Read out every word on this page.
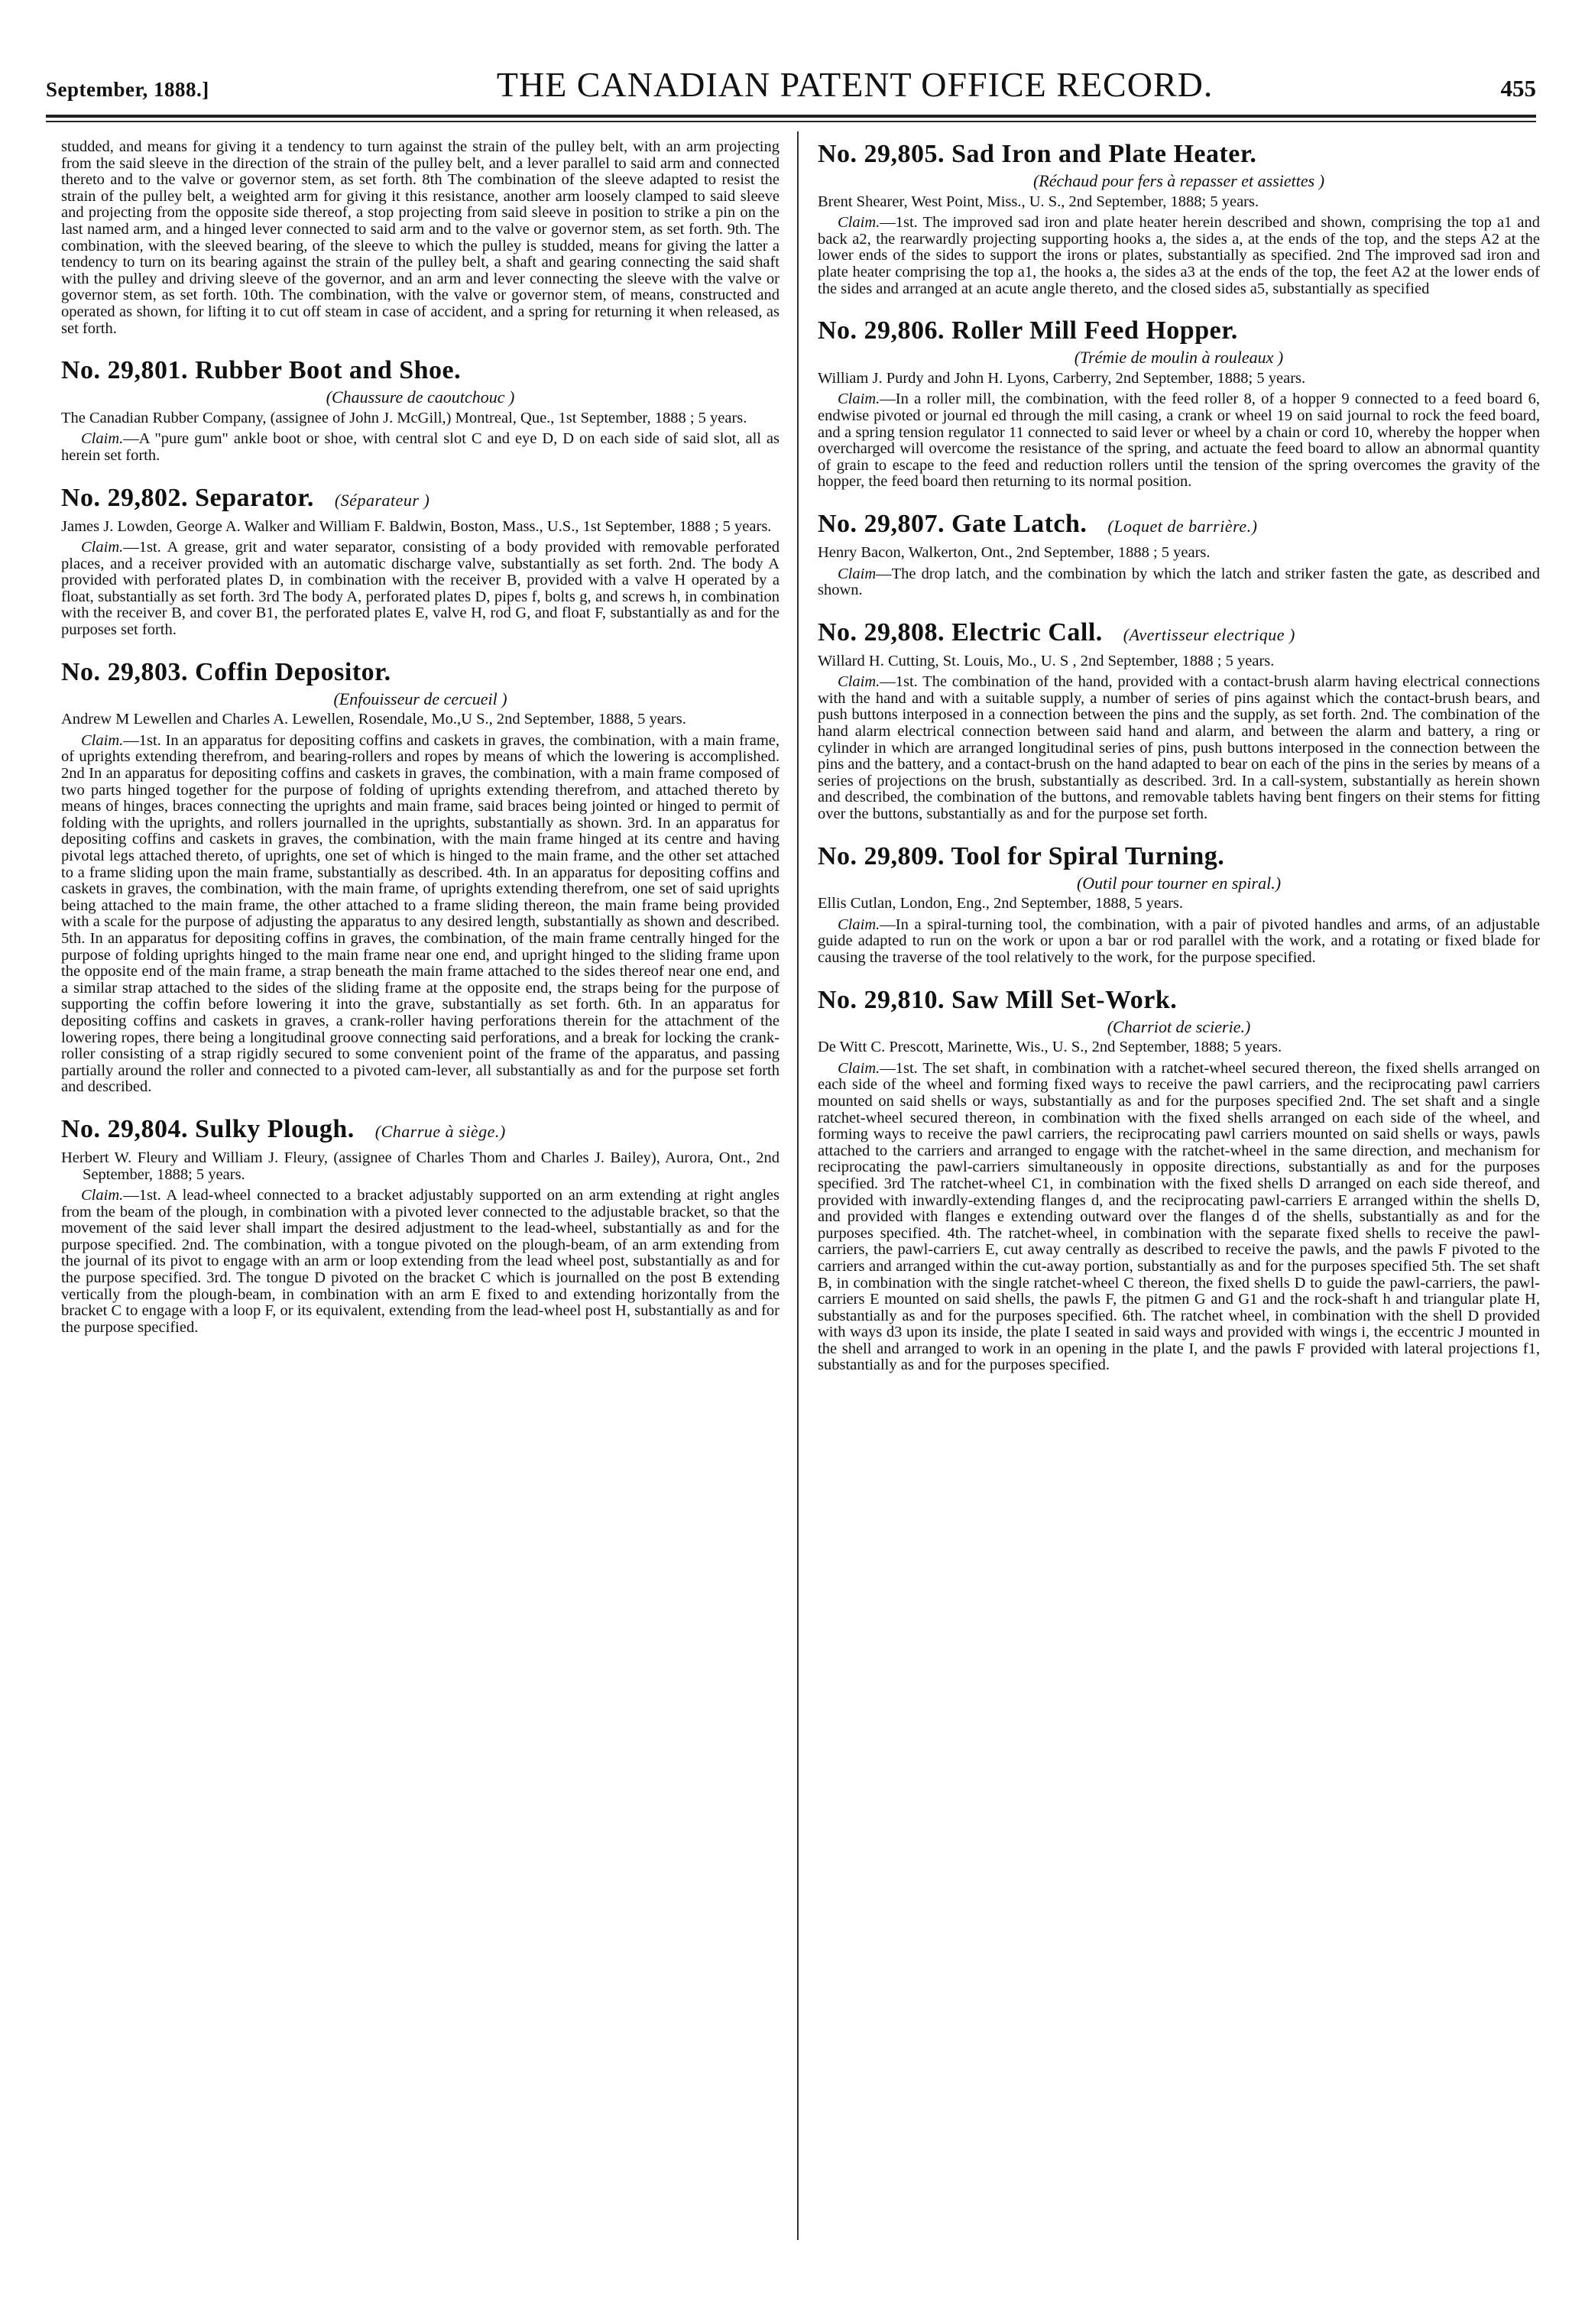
September, 1888.]	THE CANADIAN PATENT OFFICE RECORD.	455

studded, and means for giving it a tendency to turn against the strain of the pulley belt, with an arm projecting from the said sleeve in the direction of the strain of the pulley belt, and a lever parallel to said arm and connected thereto and to the valve or governor stem, as set forth. 8th The combination of the sleeve adapted to resist the strain of the pulley belt, a weighted arm for giving it this resistance, another arm loosely clamped to said sleeve and projecting from the opposite side thereof, a stop projecting from said sleeve in position to strike a pin on the last named arm, and a hinged lever connected to said arm and to the valve or governor stem, as set forth. 9th. The combination, with the sleeved bearing, of the sleeve to which the pulley is studded, means for giving the latter a tendency to turn on its bearing against the strain of the pulley belt, a shaft and gearing connecting the said shaft with the pulley and driving sleeve of the governor, and an arm and lever connecting the sleeve with the valve or governor stem, as set forth. 10th. The combination, with the valve or governor stem, of means, constructed and operated as shown, for lifting it to cut off steam in case of accident, and a spring for returning it when released, as set forth.

No. 29,801. Rubber Boot and Shoe.
(Chaussure de caoutchouc )

The Canadian Rubber Company, (assignee of John J. McGill,) Montreal, Que., 1st September, 1888 ; 5 years.

Claim.—A "pure gum" ankle boot or shoe, with central slot C and eye D, D on each side of said slot, all as herein set forth.

No. 29,802. Separator. (Séparateur )

James J. Lowden, George A. Walker and William F. Baldwin, Boston, Mass., U.S., 1st September, 1888 ; 5 years.

Claim.—1st. A grease, grit and water separator, consisting of a body provided with removable perforated places, and a receiver provided with an automatic discharge valve, substantially as set forth. 2nd. The body A provided with perforated plates D, in combination with the receiver B, provided with a valve H operated by a float, substantially as set forth. 3rd The body A, perforated plates D, pipes f, bolts g, and screws h, in combination with the receiver B, and cover B1, the perforated plates E, valve H, rod G, and float F, substantially as and for the purposes set forth.

No. 29,803. Coffin Depositor.
(Enfouisseur de cercueil )

Andrew M Lewellen and Charles A. Lewellen, Rosendale, Mo.,U S., 2nd September, 1888, 5 years.

Claim.—1st. In an apparatus for depositing coffins and caskets in graves, the combination, with a main frame, of uprights extending therefrom, and bearing-rollers and ropes by means of which the lowering is accomplished. 2nd In an apparatus for depositing coffins and caskets in graves, the combination, with a main frame composed of two parts hinged together for the purpose of folding of uprights extending therefrom, and attached thereto by means of hinges, braces connecting the uprights and main frame, said braces being jointed or hinged to permit of folding with the uprights, and rollers journalled in the uprights, substantially as shown. 3rd. In an apparatus for depositing coffins and caskets in graves, the combination, with the main frame hinged at its centre and having pivotal legs attached thereto, of uprights, one set of which is hinged to the main frame, and the other set attached to a frame sliding upon the main frame, substantially as described. 4th. In an apparatus for depositing coffins and caskets in graves, the combination, with the main frame, of uprights extending therefrom, one set of said uprights being attached to the main frame, the other attached to a frame sliding thereon, the main frame being provided with a scale for the purpose of adjusting the apparatus to any desired length, substantially as shown and described. 5th. In an apparatus for depositing coffins in graves, the combination, of the main frame centrally hinged for the purpose of folding uprights hinged to the main frame near one end, and upright hinged to the sliding frame upon the opposite end of the main frame, a strap beneath the main frame attached to the sides thereof near one end, and a similar strap attached to the sides of the sliding frame at the opposite end, the straps being for the purpose of supporting the coffin before lowering it into the grave, substantially as set forth. 6th. In an apparatus for depositing coffins and caskets in graves, a crank-roller having perforations therein for the attachment of the lowering ropes, there being a longitudinal groove connecting said perforations, and a break for locking the crank-roller consisting of a strap rigidly secured to some convenient point of the frame of the apparatus, and passing partially around the roller and connected to a pivoted cam-lever, all substantially as and for the purpose set forth and described.

No. 29,804. Sulky Plough. (Charrue à siège.)

Herbert W. Fleury and William J. Fleury, (assignee of Charles Thom and Charles J. Bailey), Aurora, Ont., 2nd September, 1888; 5 years.

Claim.—1st. A lead-wheel connected to a bracket adjustably supported on an arm extending at right angles from the beam of the plough, in combination with a pivoted lever connected to the adjustable bracket, so that the movement of the said lever shall impart the desired adjustment to the lead-wheel, substantially as and for the purpose specified. 2nd. The combination, with a tongue pivoted on the plough-beam, of an arm extending from the journal of its pivot to engage with an arm or loop extending from the lead wheel post, substantially as and for the purpose specified. 3rd. The tongue D pivoted on the bracket C which is journalled on the post B extending vertically from the plough-beam, in combination with an arm E fixed to and extending horizontally from the bracket C to engage with a loop F, or its equivalent, extending from the lead-wheel post H, substantially as and for the purpose specified.

No. 29,805. Sad Iron and Plate Heater.
(Réchaud pour fers à repasser et assiettes )

Brent Shearer, West Point, Miss., U. S., 2nd September, 1888; 5 years.

Claim.—1st. The improved sad iron and plate heater herein described and shown, comprising the top a1 and back a2, the rearwardly projecting supporting hooks a, the sides a, at the ends of the top, and the steps A2 at the lower ends of the sides to support the irons or plates, substantially as specified. 2nd The improved sad iron and plate heater comprising the top a1, the hooks a, the sides a3 at the ends of the top, the feet A2 at the lower ends of the sides and arranged at an acute angle thereto, and the closed sides a5, substantially as specified

No. 29,806. Roller Mill Feed Hopper.
(Trémie de moulin à rouleaux )

William J. Purdy and John H. Lyons, Carberry, 2nd September, 1888; 5 years.

Claim.—In a roller mill, the combination, with the feed roller 8, of a hopper 9 connected to a feed board 6, endwise pivoted or journal ed through the mill casing, a crank or wheel 19 on said journal to rock the feed board, and a spring tension regulator 11 connected to said lever or wheel by a chain or cord 10, whereby the hopper when overcharged will overcome the resistance of the spring, and actuate the feed board to allow an abnormal quantity of grain to escape to the feed and reduction rollers until the tension of the spring overcomes the gravity of the hopper, the feed board then returning to its normal position.

No. 29,807. Gate Latch. (Loquet de barrière.)

Henry Bacon, Walkerton, Ont., 2nd September, 1888 ; 5 years.

Claim—The drop latch, and the combination by which the latch and striker fasten the gate, as described and shown.

No. 29,808. Electric Call. (Avertisseur electrique )

Willard H. Cutting, St. Louis, Mo., U. S , 2nd September, 1888 ; 5 years.

Claim.—1st. The combination of the hand, provided with a contact-brush alarm having electrical connections with the hand and with a suitable supply, a number of series of pins against which the contact-brush bears, and push buttons interposed in a connection between the pins and the supply, as set forth. 2nd. The combination of the hand alarm electrical connection between said hand and alarm, and between the alarm and battery, a ring or cylinder in which are arranged longitudinal series of pins, push buttons interposed in the connection between the pins and the battery, and a contact-brush on the hand adapted to bear on each of the pins in the series by means of a series of projections on the brush, substantially as described. 3rd. In a call-system, substantially as herein shown and described, the combination of the buttons, and removable tablets having bent fingers on their stems for fitting over the buttons, substantially as and for the purpose set forth.

No. 29,809. Tool for Spiral Turning.
(Outil pour tourner en spiral.)

Ellis Cutlan, London, Eng., 2nd September, 1888, 5 years.

Claim.—In a spiral-turning tool, the combination, with a pair of pivoted handles and arms, of an adjustable guide adapted to run on the work or upon a bar or rod parallel with the work, and a rotating or fixed blade for causing the traverse of the tool relatively to the work, for the purpose specified.

No. 29,810. Saw Mill Set-Work.
(Charriot de scierie.)

De Witt C. Prescott, Marinette, Wis., U. S., 2nd September, 1888; 5 years.

Claim.—1st. The set shaft, in combination with a ratchet-wheel secured thereon, the fixed shells arranged on each side of the wheel and forming fixed ways to receive the pawl carriers, and the reciprocating pawl carriers mounted on said shells or ways, substantially as and for the purposes specified 2nd. The set shaft and a single ratchet-wheel secured thereon, in combination with the fixed shells arranged on each side of the wheel, and forming ways to receive the pawl carriers, the reciprocating pawl carriers mounted on said shells or ways, pawls attached to the carriers and arranged to engage with the ratchet-wheel in the same direction, and mechanism for reciprocating the pawl-carriers simultaneously in opposite directions, substantially as and for the purposes specified. 3rd The ratchet-wheel C1, in combination with the fixed shells D arranged on each side thereof, and provided with inwardly-extending flanges d, and the reciprocating pawl-carriers E arranged within the shells D, and provided with flanges e extending outward over the flanges d of the shells, substantially as and for the purposes specified. 4th. The ratchet-wheel, in combination with the separate fixed shells to receive the pawl-carriers, the pawl-carriers E, cut away centrally as described to receive the pawls, and the pawls F pivoted to the carriers and arranged within the cut-away portion, substantially as and for the purposes specified 5th. The set shaft B, in combination with the single ratchet-wheel C thereon, the fixed shells D to guide the pawl-carriers, the pawl-carriers E mounted on said shells, the pawls F, the pitmen G and G1 and the rock-shaft h and triangular plate H, substantially as and for the purposes specified. 6th. The ratchet wheel, in combination with the shell D provided with ways d3 upon its inside, the plate I seated in said ways and provided with wings i, the eccentric J mounted in the shell and arranged to work in an opening in the plate I, and the pawls F provided with lateral projections f1, substantially as and for the purposes specified.
